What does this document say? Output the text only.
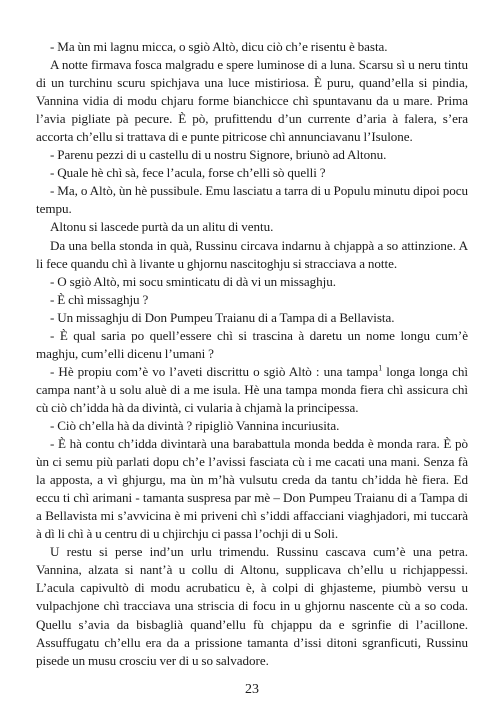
- Ma ùn mi lagnu micca, o sgiò Altò, dicu ciò ch’e risentu è basta.

A notte firmava fosca malgradu e spere luminose di a luna. Scarsu sì u neru tintu di un turchinu scuru spichjava una luce mistiriosa. È puru, quand’ella si pindia, Vannina vidia di modu chjaru forme bianchicce chì spuntavanu da u mare. Prima l’avia pigliate pà pecure. È pò, prufittendu d’un currente d’aria à falera, s’era accorta ch’ellu si trattava di e punte pitricose chì annunciavanu l’Isulone.

- Parenu pezzi di u castellu di u nostru Signore, briunò ad Altonu.

- Quale hè chì sà, fece l’acula, forse ch’elli sò quelli ?

- Ma, o Altò, ùn hè pussibule. Emu lasciatu a tarra di u Populu minutu dipoi pocu tempu.

Altonu si lascede purtà da un alitu di ventu.

Da una bella stonda in quà, Russinu circava indarnu à chjappà a so attinzione. A li fece quandu chì à livante u ghjornu nascitoghju si stracciava a notte.

- O sgiò Altò, mi socu sminticatu di dà vi un missaghju.

- È chì missaghju ?

- Un missaghju di Don Pumpeu Traianu di a Tampa di a Bellavista.

- È qual saria po quell’essere chì si trascina à daretu un nome longu cum’è maghju, cum’elli dicenu l’umani ?

- Hè propiu com’è vo l’aveti discrittu o sgiò Altò : una tampa$^1$ longa longa chì campa nant’à u solu aluè di a me isula. Hè una tampa monda fiera chì assicura chì cù ciò ch’idda hà da divintà, ci vularia à chjamà la principessa.

- Ciò ch’ella hà da divintà ? ripigliò Vannina incuriusita.

- È hà contu ch’idda divintarà una barabattula monda bedda è monda rara. È pò ùn ci semu più parlati dopu ch’e l’avissi fasciata cù i me cacati una mani. Senza fà la apposta, a vì ghjurgu, ma ùn m’hà vulsutu creda da tantu ch’idda hè fiera. Ed eccu ti chì arimani - tamanta suspresa par mè – Don Pumpeu Traianu di a Tampa di a Bellavista mi s’avvicina è mi priveni chì s’iddi affacciani viaghjadori, mi tuccarà à dì li chì à u centru di u chjirchju ci passa l’ochji di u Soli.

U restu si perse ind’un urlu trimendu. Russinu cascava cum’è una petra. Vannina, alzata si nant’à u collu di Altonu, supplicava ch’ellu u richjappessi. L’acula capivultò di modu acrubaticu è, à colpi di ghjasteme, piumbò versu u vulpachjone chì tracciava una striscia di focu in u ghjornu nascente cù a so coda. Quellu s’avia da bisbaglià quand’ellu fù chjappu da e sgrinfie di l’acillone. Assuffugatu ch’ellu era da a prissione tamanta d’issi ditoni sgranficuti, Russinu pisede un musu crosciu ver di u so salvadore.

23
